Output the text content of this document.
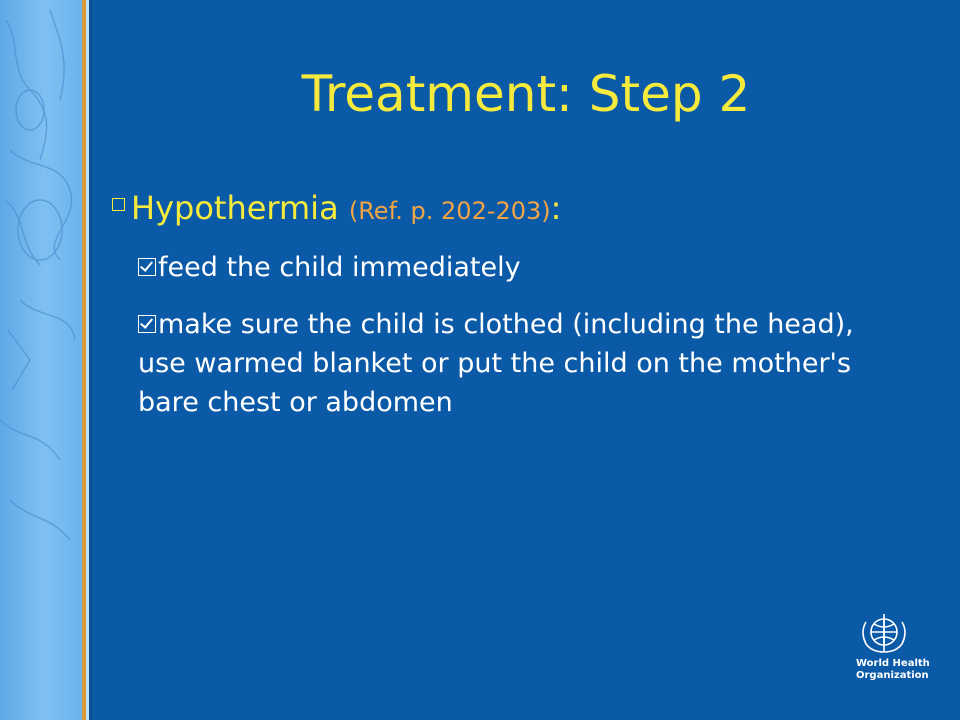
Treatment: Step 2
Hypothermia (Ref. p. 202-203):
feed the child immediately
make sure the child is clothed (including the head), use warmed blanket or put the child on the mother's bare chest or abdomen
World Health
Organization
